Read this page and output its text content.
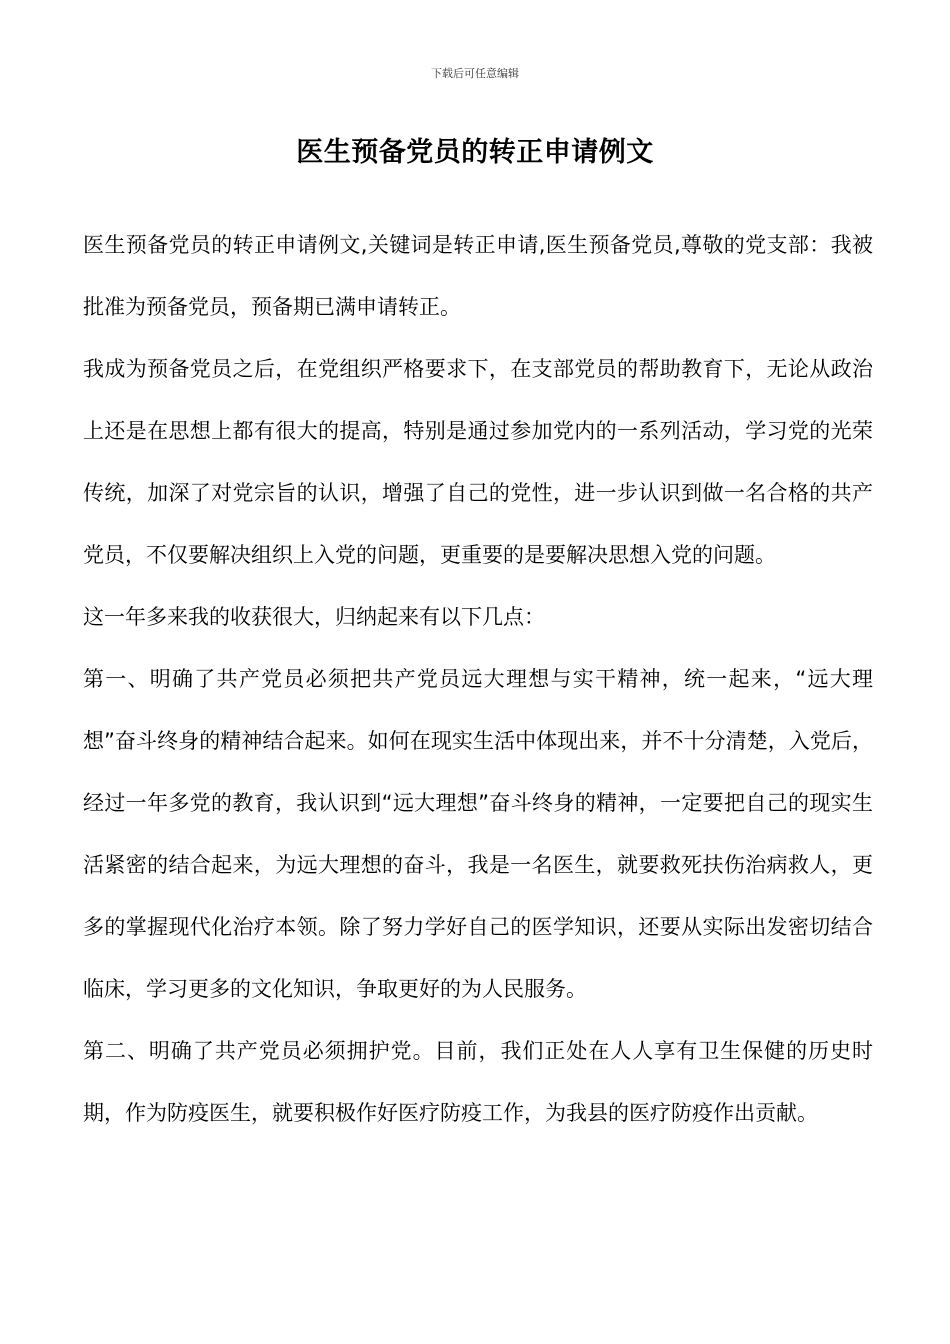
下载后可任意编辑
医生预备党员的转正申请例文

医生预备党员的转正申请例文,关键词是转正申请,医生预备党员,尊敬的党支部：我被批准为预备党员，预备期已满申请转正。

我成为预备党员之后，在党组织严格要求下，在支部党员的帮助教育下，无论从政治上还是在思想上都有很大的提高，特别是通过参加党内的一系列活动，学习党的光荣传统，加深了对党宗旨的认识，增强了自己的党性，进一步认识到做一名合格的共产党员，不仅要解决组织上入党的问题，更重要的是要解决思想入党的问题。

这一年多来我的收获很大，归纳起来有以下几点：

第一、明确了共产党员必须把共产党员远大理想与实干精神，统一起来，“远大理想”奋斗终身的精神结合起来。如何在现实生活中体现出来，并不十分清楚，入党后，经过一年多党的教育，我认识到“远大理想”奋斗终身的精神，一定要把自己的现实生活紧密的结合起来，为远大理想的奋斗，我是一名医生，就要救死扶伤治病救人，更多的掌握现代化治疗本领。除了努力学好自己的医学知识，还要从实际出发密切结合临床，学习更多的文化知识，争取更好的为人民服务。

第二、明确了共产党员必须拥护党。目前，我们正处在人人享有卫生保健的历史时期，作为防疫医生，就要积极作好医疗防疫工作，为我县的医疗防疫作出贡献。
